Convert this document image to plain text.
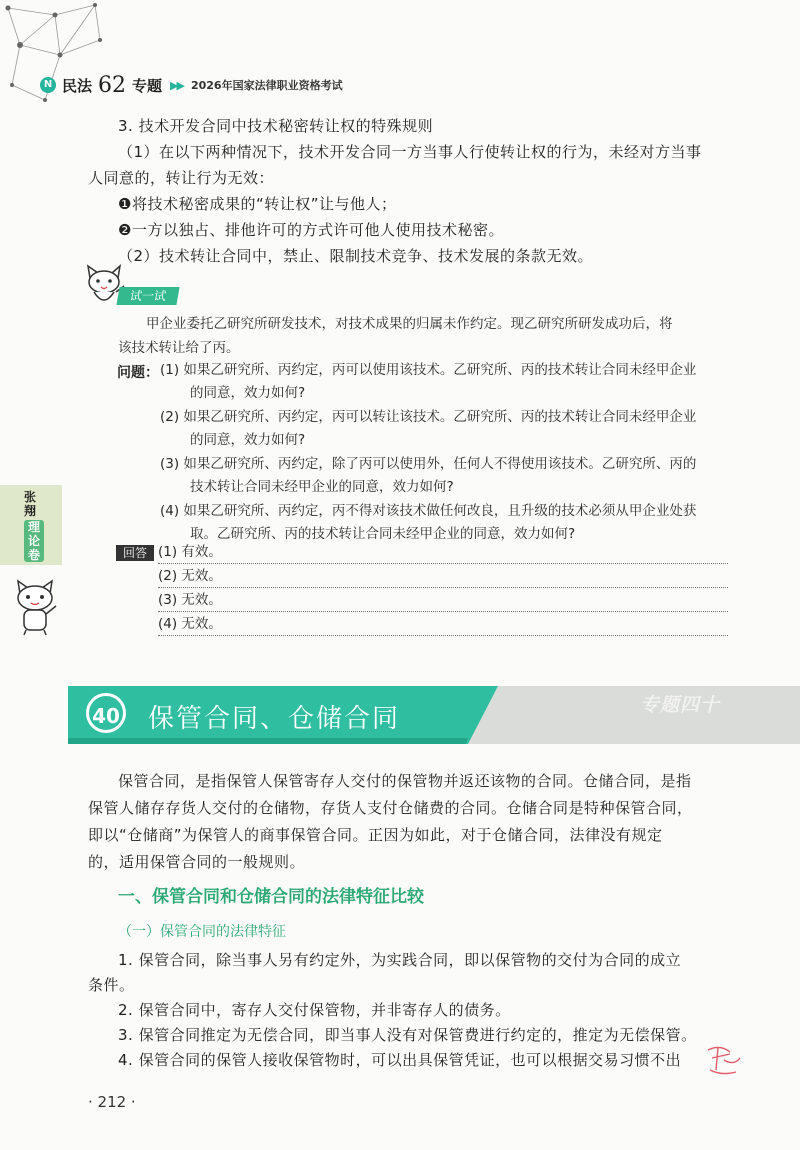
N 民法 62 专题 ▶▶ 2026年国家法律职业资格考试
3. 技术开发合同中技术秘密转让权的特殊规则
（1）在以下两种情况下，技术开发合同一方当事人行使转让权的行为，未经对方当事
人同意的，转让行为无效：
❶将技术秘密成果的“转让权”让与他人；
❷一方以独占、排他许可的方式许可他人使用技术秘密。
（2）技术转让合同中，禁止、限制技术竞争、技术发展的条款无效。
试一试
甲企业委托乙研究所研发技术，对技术成果的归属未作约定。现乙研究所研发成功后，将
该技术转让给了丙。
问题： (1) 如果乙研究所、丙约定，丙可以使用该技术。乙研究所、丙的技术转让合同未经甲企业
的同意，效力如何?
(2) 如果乙研究所、丙约定，丙可以转让该技术。乙研究所、丙的技术转让合同未经甲企业
的同意，效力如何?
(3) 如果乙研究所、丙约定，除了丙可以使用外，任何人不得使用该技术。乙研究所、丙的
技术转让合同未经甲企业的同意，效力如何?
(4) 如果乙研究所、丙约定，丙不得对该技术做任何改良，且升级的技术必须从甲企业处获
取。乙研究所、丙的技术转让合同未经甲企业的同意，效力如何?
回答 (1) 有效。
(2) 无效。
(3) 无效。
(4) 无效。
张翔
理论卷
40 保管合同、仓储合同	专题四十
保管合同，是指保管人保管寄存人交付的保管物并返还该物的合同。仓储合同，是指
保管人储存存货人交付的仓储物，存货人支付仓储费的合同。仓储合同是特种保管合同，
即以“仓储商”为保管人的商事保管合同。正因为如此，对于仓储合同，法律没有规定
的，适用保管合同的一般规则。
一、保管合同和仓储合同的法律特征比较
（一）保管合同的法律特征
1. 保管合同，除当事人另有约定外，为实践合同，即以保管物的交付为合同的成立
条件。
2. 保管合同中，寄存人交付保管物，并非寄存人的债务。
3. 保管合同推定为无偿合同，即当事人没有对保管费进行约定的，推定为无偿保管。
4. 保管合同的保管人接收保管物时，可以出具保管凭证，也可以根据交易习惯不出
· 212 ·
